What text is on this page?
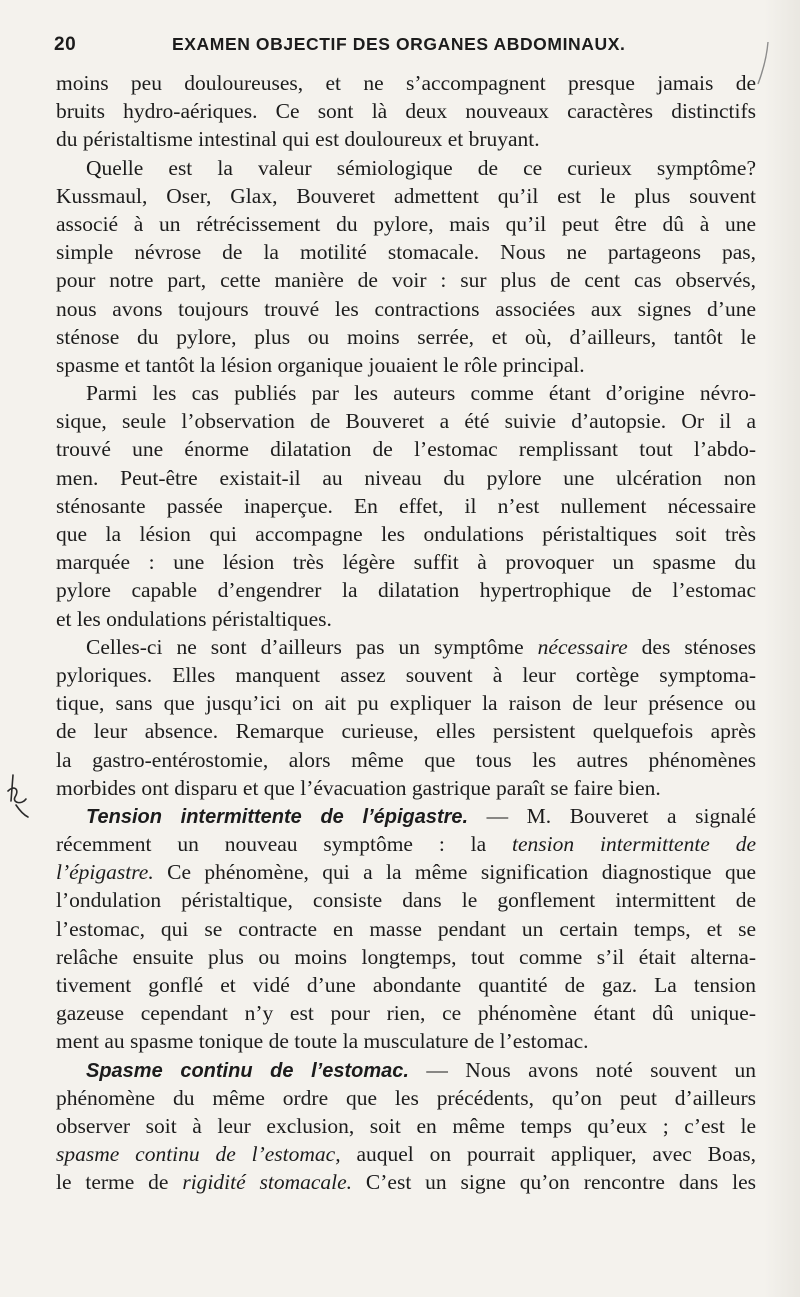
20	EXAMEN OBJECTIF DES ORGANES ABDOMINAUX.
moins peu douloureuses, et ne s’accompagnent presque jamais de
bruits hydro-aériques. Ce sont là deux nouveaux caractères distinctifs
du péristaltisme intestinal qui est douloureux et bruyant.
Quelle est la valeur sémiologique de ce curieux symptôme?
Kussmaul, Oser, Glax, Bouveret admettent qu’il est le plus souvent
associé à un rétrécissement du pylore, mais qu’il peut être dû à une
simple névrose de la motilité stomacale. Nous ne partageons pas,
pour notre part, cette manière de voir : sur plus de cent cas observés,
nous avons toujours trouvé les contractions associées aux signes d’une
sténose du pylore, plus ou moins serrée, et où, d’ailleurs, tantôt le
spasme et tantôt la lésion organique jouaient le rôle principal.
Parmi les cas publiés par les auteurs comme étant d’origine névro-
sique, seule l’observation de Bouveret a été suivie d’autopsie. Or il a
trouvé une énorme dilatation de l’estomac remplissant tout l’abdo-
men. Peut-être existait-il au niveau du pylore une ulcération non
sténosante passée inaperçue. En effet, il n’est nullement nécessaire
que la lésion qui accompagne les ondulations péristaltiques soit très
marquée : une lésion très légère suffit à provoquer un spasme du
pylore capable d’engendrer la dilatation hypertrophique de l’estomac
et les ondulations péristaltiques.
Celles-ci ne sont d’ailleurs pas un symptôme nécessaire des sténoses
pyloriques. Elles manquent assez souvent à leur cortège symptoma-
tique, sans que jusqu’ici on ait pu expliquer la raison de leur présence ou
de leur absence. Remarque curieuse, elles persistent quelquefois après
la gastro-entérostomie, alors même que tous les autres phénomènes
morbides ont disparu et que l’évacuation gastrique paraît se faire bien.
Tension intermittente de l’épigastre. — M. Bouveret a signalé
récemment un nouveau symptôme : la tension intermittente de
l’épigastre. Ce phénomène, qui a la même signification diagnostique que
l’ondulation péristaltique, consiste dans le gonflement intermittent de
l’estomac, qui se contracte en masse pendant un certain temps, et se
relâche ensuite plus ou moins longtemps, tout comme s’il était alterna-
tivement gonflé et vidé d’une abondante quantité de gaz. La tension
gazeuse cependant n’y est pour rien, ce phénomène étant dû unique-
ment au spasme tonique de toute la musculature de l’estomac.
Spasme continu de l’estomac. — Nous avons noté souvent un
phénomène du même ordre que les précédents, qu’on peut d’ailleurs
observer soit à leur exclusion, soit en même temps qu’eux ; c’est le
spasme continu de l’estomac, auquel on pourrait appliquer, avec Boas,
le terme de rigidité stomacale. C’est un signe qu’on rencontre dans les
